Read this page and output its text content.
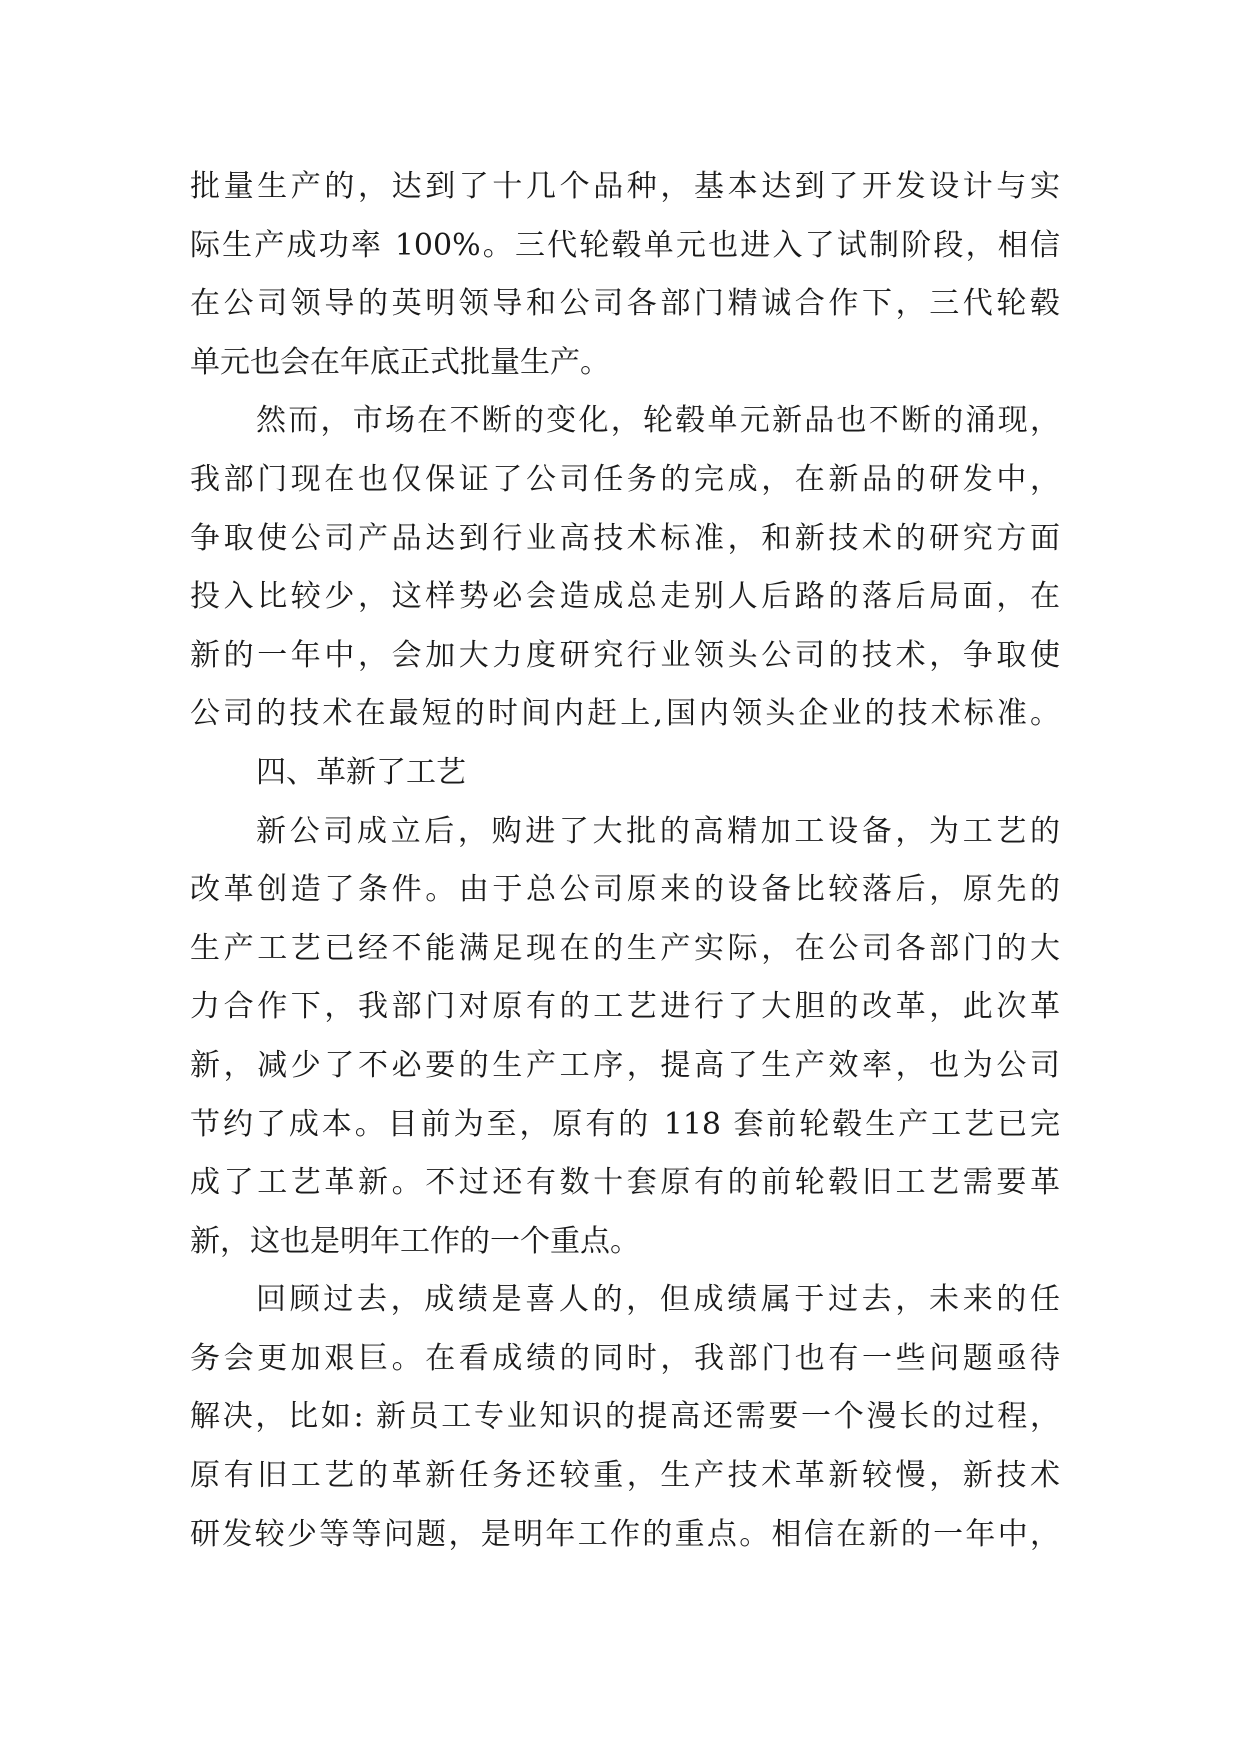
批量生产的，达到了十几个品种，基本达到了开发设计与实
际生产成功率 100%。三代轮毂单元也进入了试制阶段，相信
在公司领导的英明领导和公司各部门精诚合作下，三代轮毂
单元也会在年底正式批量生产。
然而，市场在不断的变化，轮毂单元新品也不断的涌现，
我部门现在也仅保证了公司任务的完成，在新品的研发中，
争取使公司产品达到行业高技术标准，和新技术的研究方面
投入比较少，这样势必会造成总走别人后路的落后局面，在
新的一年中，会加大力度研究行业领头公司的技术，争取使
公司的技术在最短的时间内赶上,国内领头企业的技术标准。
四、革新了工艺
新公司成立后，购进了大批的高精加工设备，为工艺的
改革创造了条件。由于总公司原来的设备比较落后，原先的
生产工艺已经不能满足现在的生产实际，在公司各部门的大
力合作下，我部门对原有的工艺进行了大胆的改革，此次革
新，减少了不必要的生产工序，提高了生产效率，也为公司
节约了成本。目前为至，原有的 118 套前轮毂生产工艺已完
成了工艺革新。不过还有数十套原有的前轮毂旧工艺需要革
新，这也是明年工作的一个重点。
回顾过去，成绩是喜人的，但成绩属于过去，未来的任
务会更加艰巨。在看成绩的同时，我部门也有一些问题亟待
解决，比如: 新员工专业知识的提高还需要一个漫长的过程，
原有旧工艺的革新任务还较重，生产技术革新较慢，新技术
研发较少等等问题，是明年工作的重点。相信在新的一年中，
